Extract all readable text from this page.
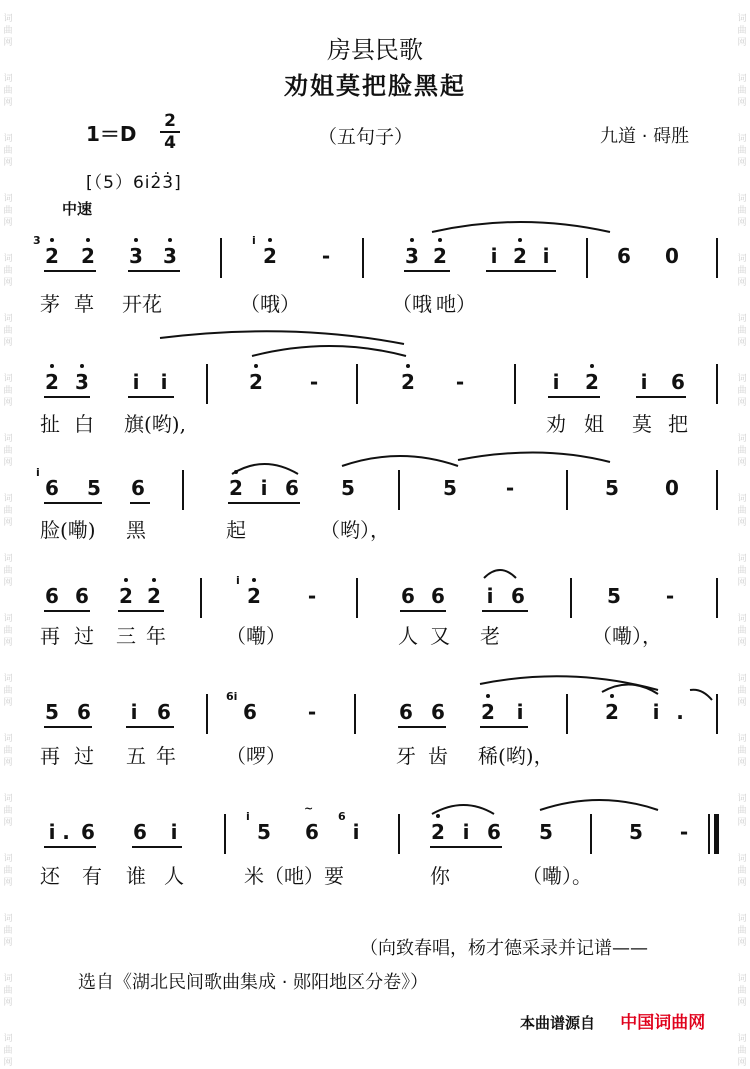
词
曲
网
词
曲
网
词
曲
网
词
曲
网
词
曲
网
词
曲
网
词
曲
网
词
曲
网
词
曲
网
词
曲
网
词
曲
网
词
曲
网
词
曲
网
词
曲
网
词
曲
网
词
曲
网
词
曲
网
词
曲
网
词
曲
网
词
曲
网
词
曲
网
词
曲
网
词
曲
网
词
曲
网
词
曲
网
词
曲
网
词
曲
网
词
曲
网
词
曲
网
词
曲
网
词
曲
网
词
曲
网
词
曲
网
词
曲
网
词
曲
网
词
曲
网
房县民歌
劝姐莫把脸黑起
1＝D
2
4	（五句子）	九道 · 碍胜
[（5）6i2̇3̇]
中速
3
2 2 3 3
i
2 -	3 2 i 2 i	6 0
茅 草 开花	（哦）	（哦 吔）
2 3 i i	2 -	2 -	i 2 i 6
扯 白 旗(哟),	劝 姐 莫 把
i
6 5 6	2 i 6 5	5 -	5 0
脸(嘞) 黑	起	（哟），
6 6 2 2
i
2 -	6 6 i 6	5 -
再 过 三 年	（嘞）	人 又 老	（嘞），
5 6 i 6
6i
6	-	6 6 2 i	2 i .
再 过 五 年	（啰）	牙 齿 稀(哟)，
i . 6 6 i
i
5 6
~
6
i	2 i 6 5	5 -
还 有 谁 人	米（吔）要	你	（嘞）。
（向致春唱，杨才德采录并记谱——
选自《湖北民间歌曲集成 · 郧阳地区分卷》）
本曲谱源自 中国词曲网
